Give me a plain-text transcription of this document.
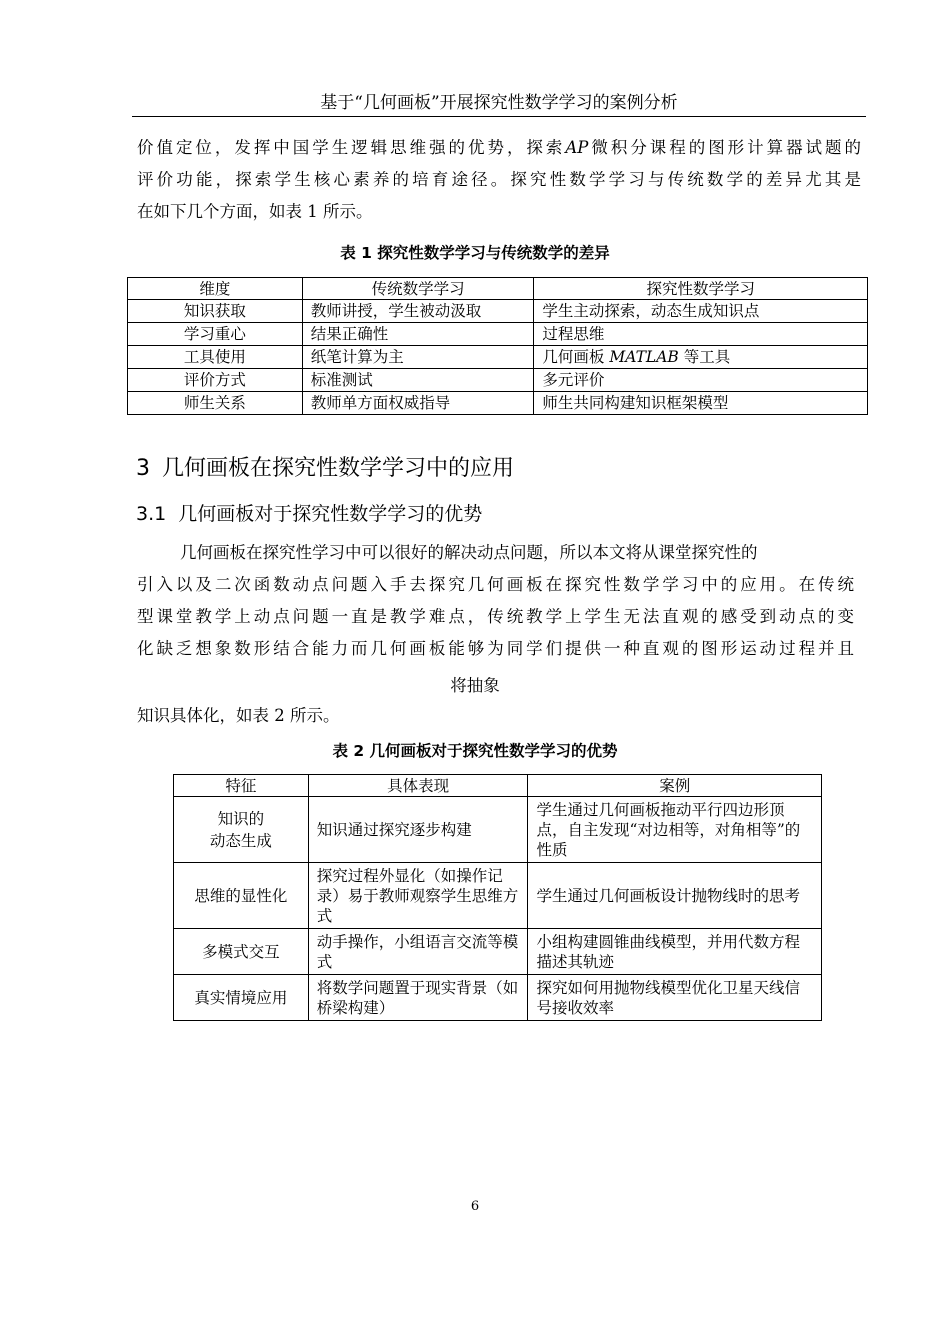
基于“几何画板”开展探究性数学学习的案例分析
价值定位，发挥中国学生逻辑思维强的优势，探索AP微积分课程的图形计算器试题的
评价功能，探索学生核心素养的培育途径。探究性数学学习与传统数学的差异尤其是
在如下几个方面，如表 1 所示。
表 1 探究性数学学习与传统数学的差异
维度	传统数学学习	探究性数学学习
知识获取	教师讲授，学生被动汲取	学生主动探索，动态生成知识点
学习重心	结果正确性	过程思维
工具使用	纸笔计算为主	几何画板 MATLAB 等工具
评价方式	标准测试	多元评价
师生关系	教师单方面权威指导	师生共同构建知识框架模型
3 几何画板在探究性数学学习中的应用
3.1 几何画板对于探究性数学学习的优势
几何画板在探究性学习中可以很好的解决动点问题，所以本文将从课堂探究性的
引入以及二次函数动点问题入手去探究几何画板在探究性数学学习中的应用。在传统
型课堂教学上动点问题一直是教学难点，传统教学上学生无法直观的感受到动点的变
化缺乏想象数形结合能力而几何画板能够为同学们提供一种直观的图形运动过程并且
将抽象
知识具体化，如表 2 所示。
表 2 几何画板对于探究性数学学习的优势
特征	具体表现	案例
知识的
动态生成	知识通过探究逐步构建	学生通过几何画板拖动平行四边形顶点，自主发现“对边相等，对角相等”的性质
思维的显性化	探究过程外显化（如操作记录）易于教师观察学生思维方式	学生通过几何画板设计抛物线时的思考
多模式交互	动手操作，小组语言交流等模式	小组构建圆锥曲线模型，并用代数方程描述其轨迹
真实情境应用	将数学问题置于现实背景（如桥梁构建）	探究如何用抛物线模型优化卫星天线信号接收效率
6
